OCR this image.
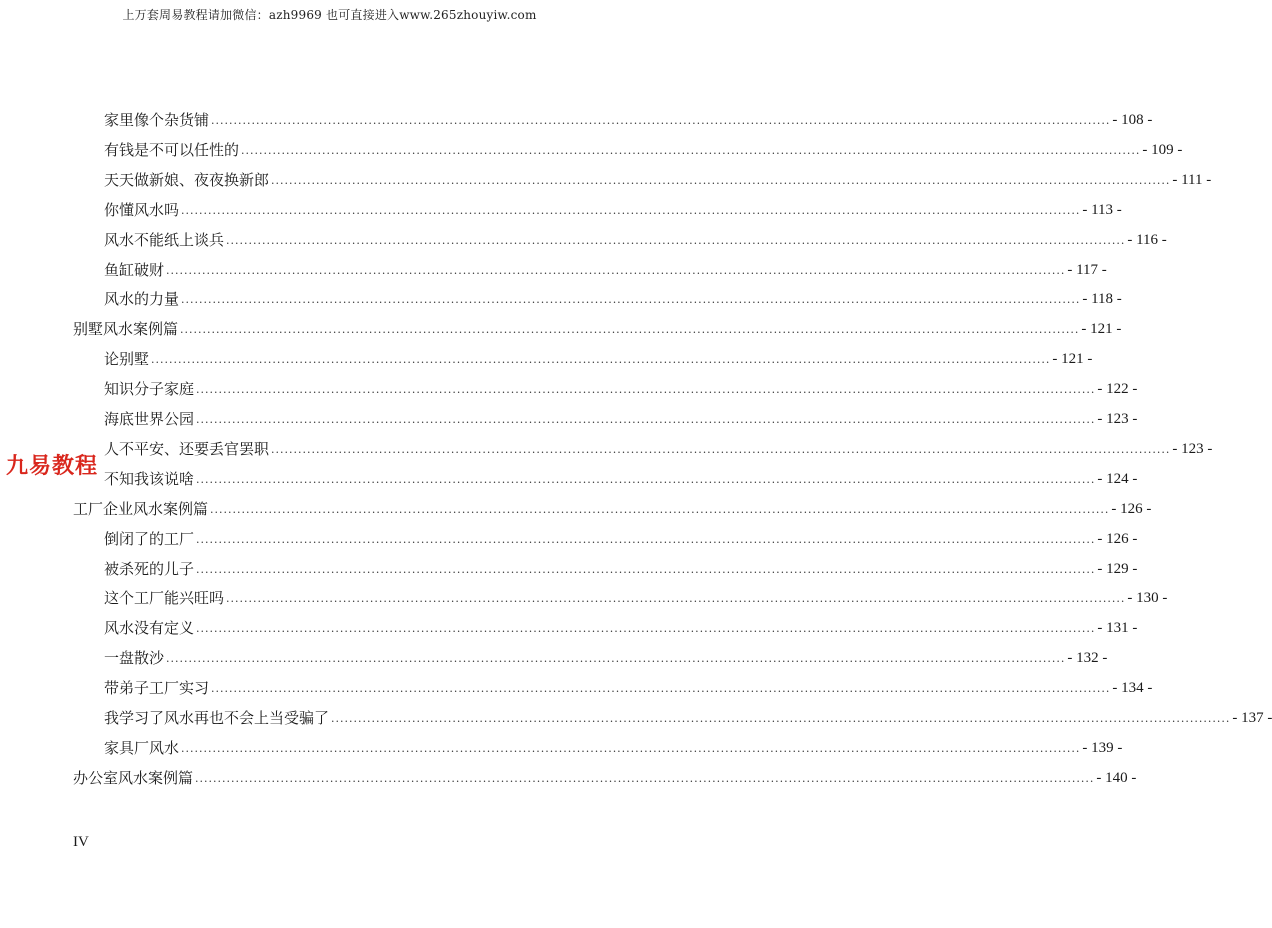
上万套周易教程请加微信：azh9969 也可直接进入www.265zhouyiw.com
家里像个杂货铺 ........................................................................................................................................................................................................ - 108 -
有钱是不可以任性的 ........................................................................................................................................................................................................ - 109 -
天天做新娘、夜夜换新郎 ........................................................................................................................................................................................................ - 111 -
你懂风水吗 ........................................................................................................................................................................................................ - 113 -
风水不能纸上谈兵 ........................................................................................................................................................................................................ - 116 -
鱼缸破财 ........................................................................................................................................................................................................ - 117 -
风水的力量 ........................................................................................................................................................................................................ - 118 -
别墅风水案例篇 ........................................................................................................................................................................................................ - 121 -
论别墅 ........................................................................................................................................................................................................ - 121 -
知识分子家庭 ........................................................................................................................................................................................................ - 122 -
海底世界公园 ........................................................................................................................................................................................................ - 123 -
人不平安、还要丢官罢职 ........................................................................................................................................................................................................ - 123 -
不知我该说啥 ........................................................................................................................................................................................................ - 124 -
工厂企业风水案例篇 ........................................................................................................................................................................................................ - 126 -
倒闭了的工厂 ........................................................................................................................................................................................................ - 126 -
被杀死的儿子 ........................................................................................................................................................................................................ - 129 -
这个工厂能兴旺吗 ........................................................................................................................................................................................................ - 130 -
风水没有定义 ........................................................................................................................................................................................................ - 131 -
一盘散沙 ........................................................................................................................................................................................................ - 132 -
带弟子工厂实习 ........................................................................................................................................................................................................ - 134 -
我学习了风水再也不会上当受骗了 ........................................................................................................................................................................................................ - 137 -
家具厂风水 ........................................................................................................................................................................................................ - 139 -
办公室风水案例篇 ........................................................................................................................................................................................................ - 140 -
九易教程
IV
